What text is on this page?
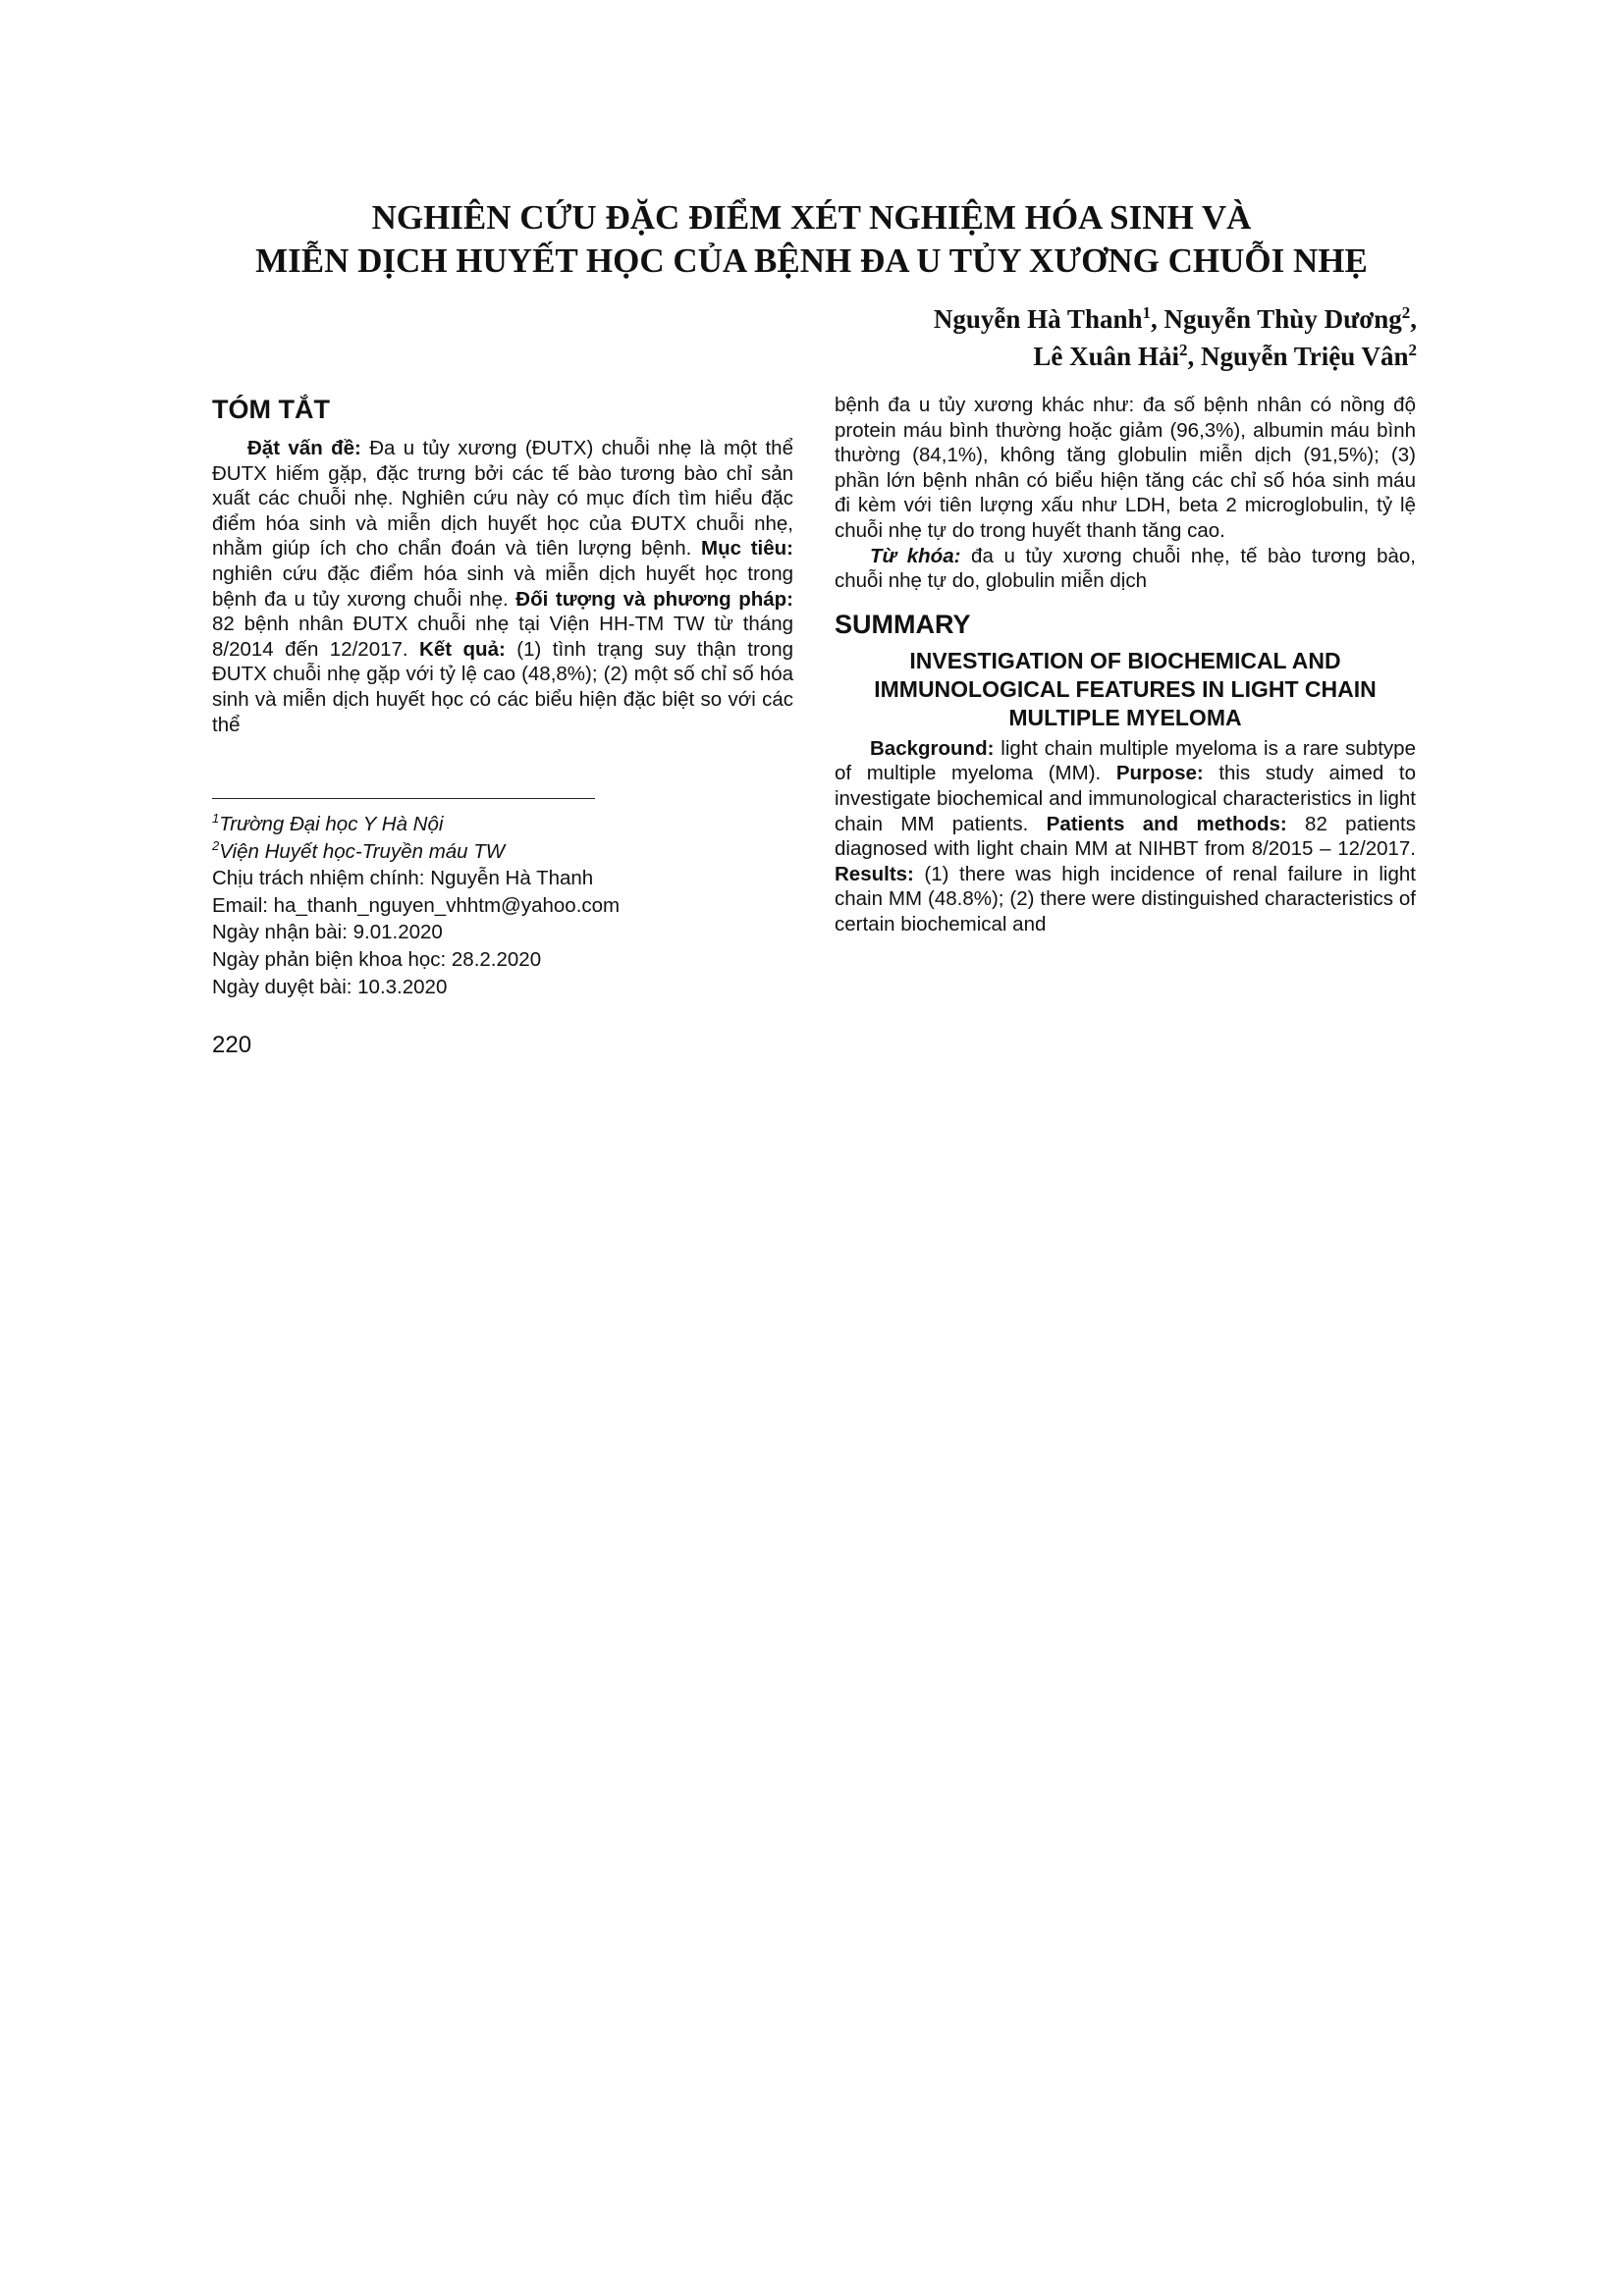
NGHIÊN CỨU ĐẶC ĐIỂM XÉT NGHIỆM HÓA SINH VÀ
MIỄN DỊCH HUYẾT HỌC CỦA BỆNH ĐA U TỦY XƯƠNG CHUỖI NHẸ
Nguyễn Hà Thanh$^1$, Nguyễn Thùy Dương$^2$,
Lê Xuân Hải$^2$, Nguyễn Triệu Vân$^2$
TÓM TẮT

Đặt vấn đề: Đa u tủy xương (ĐUTX) chuỗi nhẹ là một thể ĐUTX hiếm gặp, đặc trưng bởi các tế bào tương bào chỉ sản xuất các chuỗi nhẹ. Nghiên cứu này có mục đích tìm hiểu đặc điểm hóa sinh và miễn dịch huyết học của ĐUTX chuỗi nhẹ, nhằm giúp ích cho chẩn đoán và tiên lượng bệnh. Mục tiêu: nghiên cứu đặc điểm hóa sinh và miễn dịch huyết học trong bệnh đa u tủy xương chuỗi nhẹ. Đối tượng và phương pháp: 82 bệnh nhân ĐUTX chuỗi nhẹ tại Viện HH-TM TW từ tháng 8/2014 đến 12/2017. Kết quả: (1) tình trạng suy thận trong ĐUTX chuỗi nhẹ gặp với tỷ lệ cao (48,8%); (2) một số chỉ số hóa sinh và miễn dịch huyết học có các biểu hiện đặc biệt so với các thể

$^1$Trường Đại học Y Hà Nội
$^2$Viện Huyết học-Truyền máu TW
Chịu trách nhiệm chính: Nguyễn Hà Thanh
Email: ha_thanh_nguyen_vhhtm@yahoo.com
Ngày nhận bài: 9.01.2020
Ngày phản biện khoa học: 28.2.2020
Ngày duyệt bài: 10.3.2020

bệnh đa u tủy xương khác như: đa số bệnh nhân có nồng độ protein máu bình thường hoặc giảm (96,3%), albumin máu bình thường (84,1%), không tăng globulin miễn dịch (91,5%); (3) phần lớn bệnh nhân có biểu hiện tăng các chỉ số hóa sinh máu đi kèm với tiên lượng xấu như LDH, beta 2 microglobulin, tỷ lệ chuỗi nhẹ tự do trong huyết thanh tăng cao.

Từ khóa: đa u tủy xương chuỗi nhẹ, tế bào tương bào, chuỗi nhẹ tự do, globulin miễn dịch

SUMMARY
INVESTIGATION OF BIOCHEMICAL AND IMMUNOLOGICAL FEATURES IN LIGHT CHAIN MULTIPLE MYELOMA

Background: light chain multiple myeloma is a rare subtype of multiple myeloma (MM). Purpose: this study aimed to investigate biochemical and immunological characteristics in light chain MM patients. Patients and methods: 82 patients diagnosed with light chain MM at NIHBT from 8/2015 – 12/2017. Results: (1) there was high incidence of renal failure in light chain MM (48.8%); (2) there were distinguished characteristics of certain biochemical and

220
